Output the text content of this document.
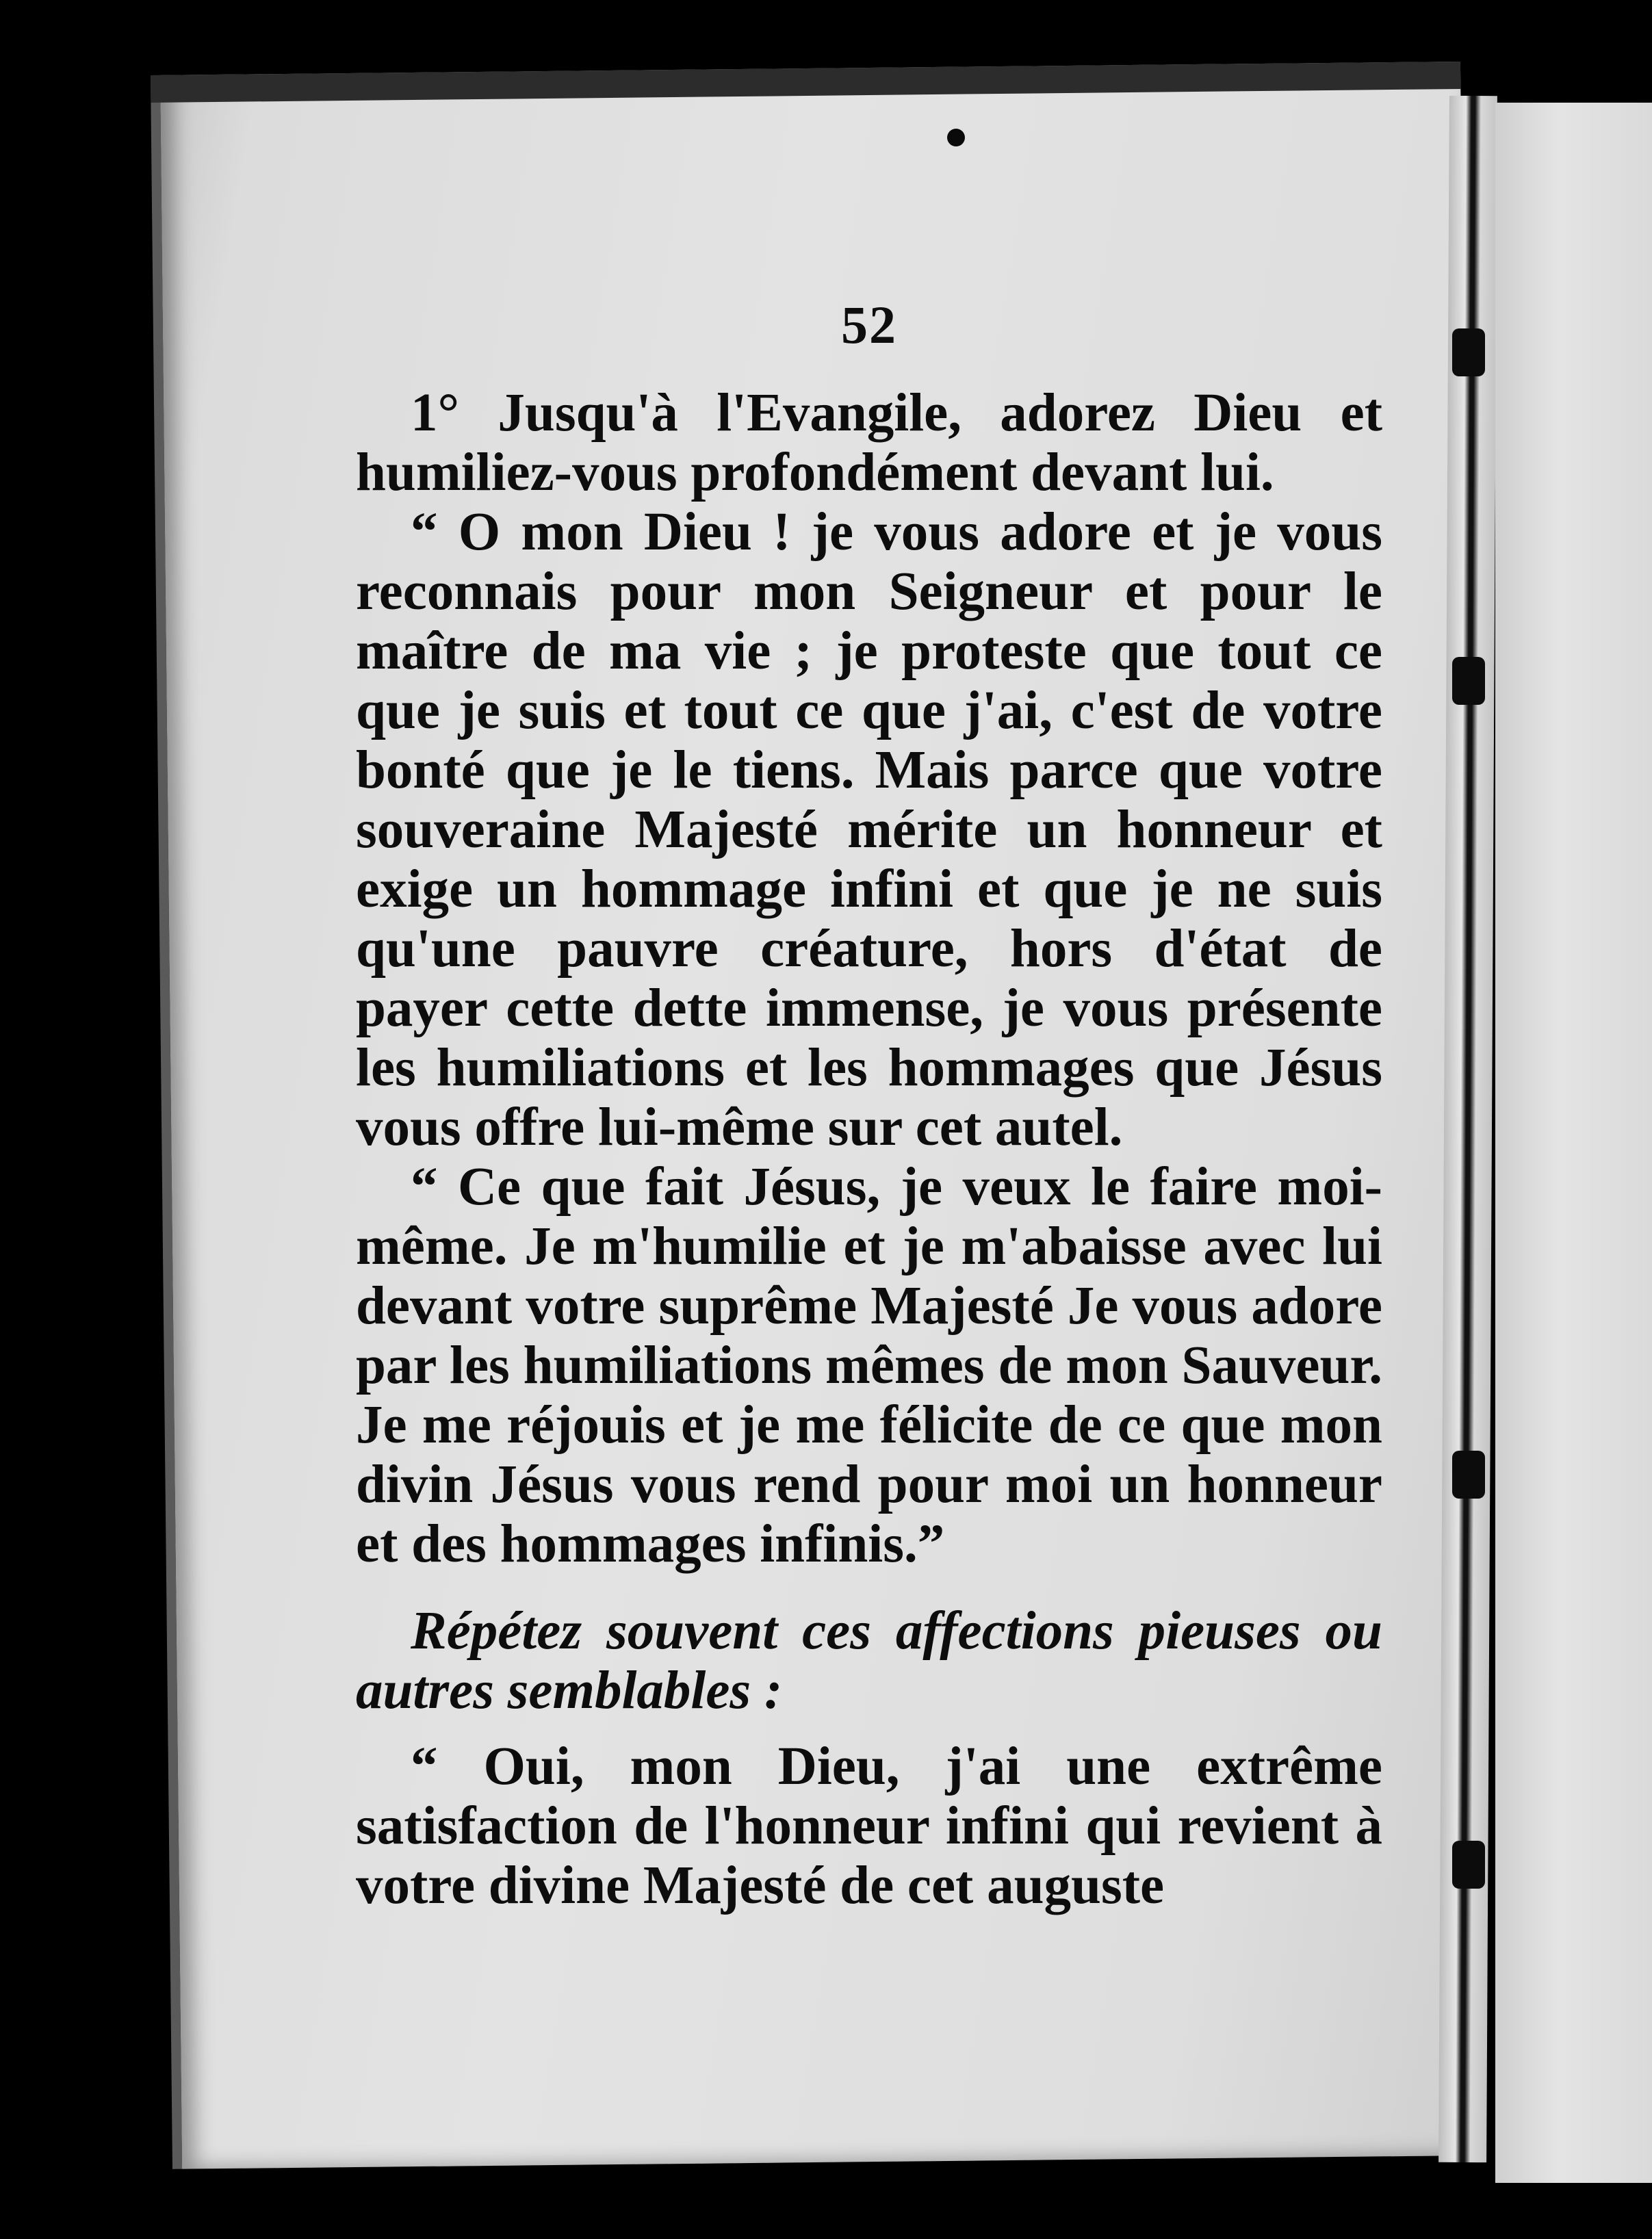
52

1° Jusqu'à l'Evangile, adorez Dieu et humiliez-vous profondément devant lui.

“ O mon Dieu ! je vous adore et je vous reconnais pour mon Seigneur et pour le maître de ma vie ; je proteste que tout ce que je suis et tout ce que j'ai, c'est de votre bonté que je le tiens. Mais parce que votre souveraine Majesté mérite un honneur et exige un hommage infini et que je ne suis qu'une pauvre créature, hors d'état de payer cette dette immense, je vous présente les humiliations et les hommages que Jésus vous offre lui-même sur cet autel.

“ Ce que fait Jésus, je veux le faire moi-même. Je m'humilie et je m'abaisse avec lui devant votre suprême Majesté Je vous adore par les humiliations mêmes de mon Sauveur. Je me réjouis et je me félicite de ce que mon divin Jésus vous rend pour moi un honneur et des hommages infinis.”

Répétez souvent ces affections pieuses ou autres semblables :

“ Oui, mon Dieu, j'ai une extrême satisfaction de l'honneur infini qui revient à votre divine Majesté de cet auguste
